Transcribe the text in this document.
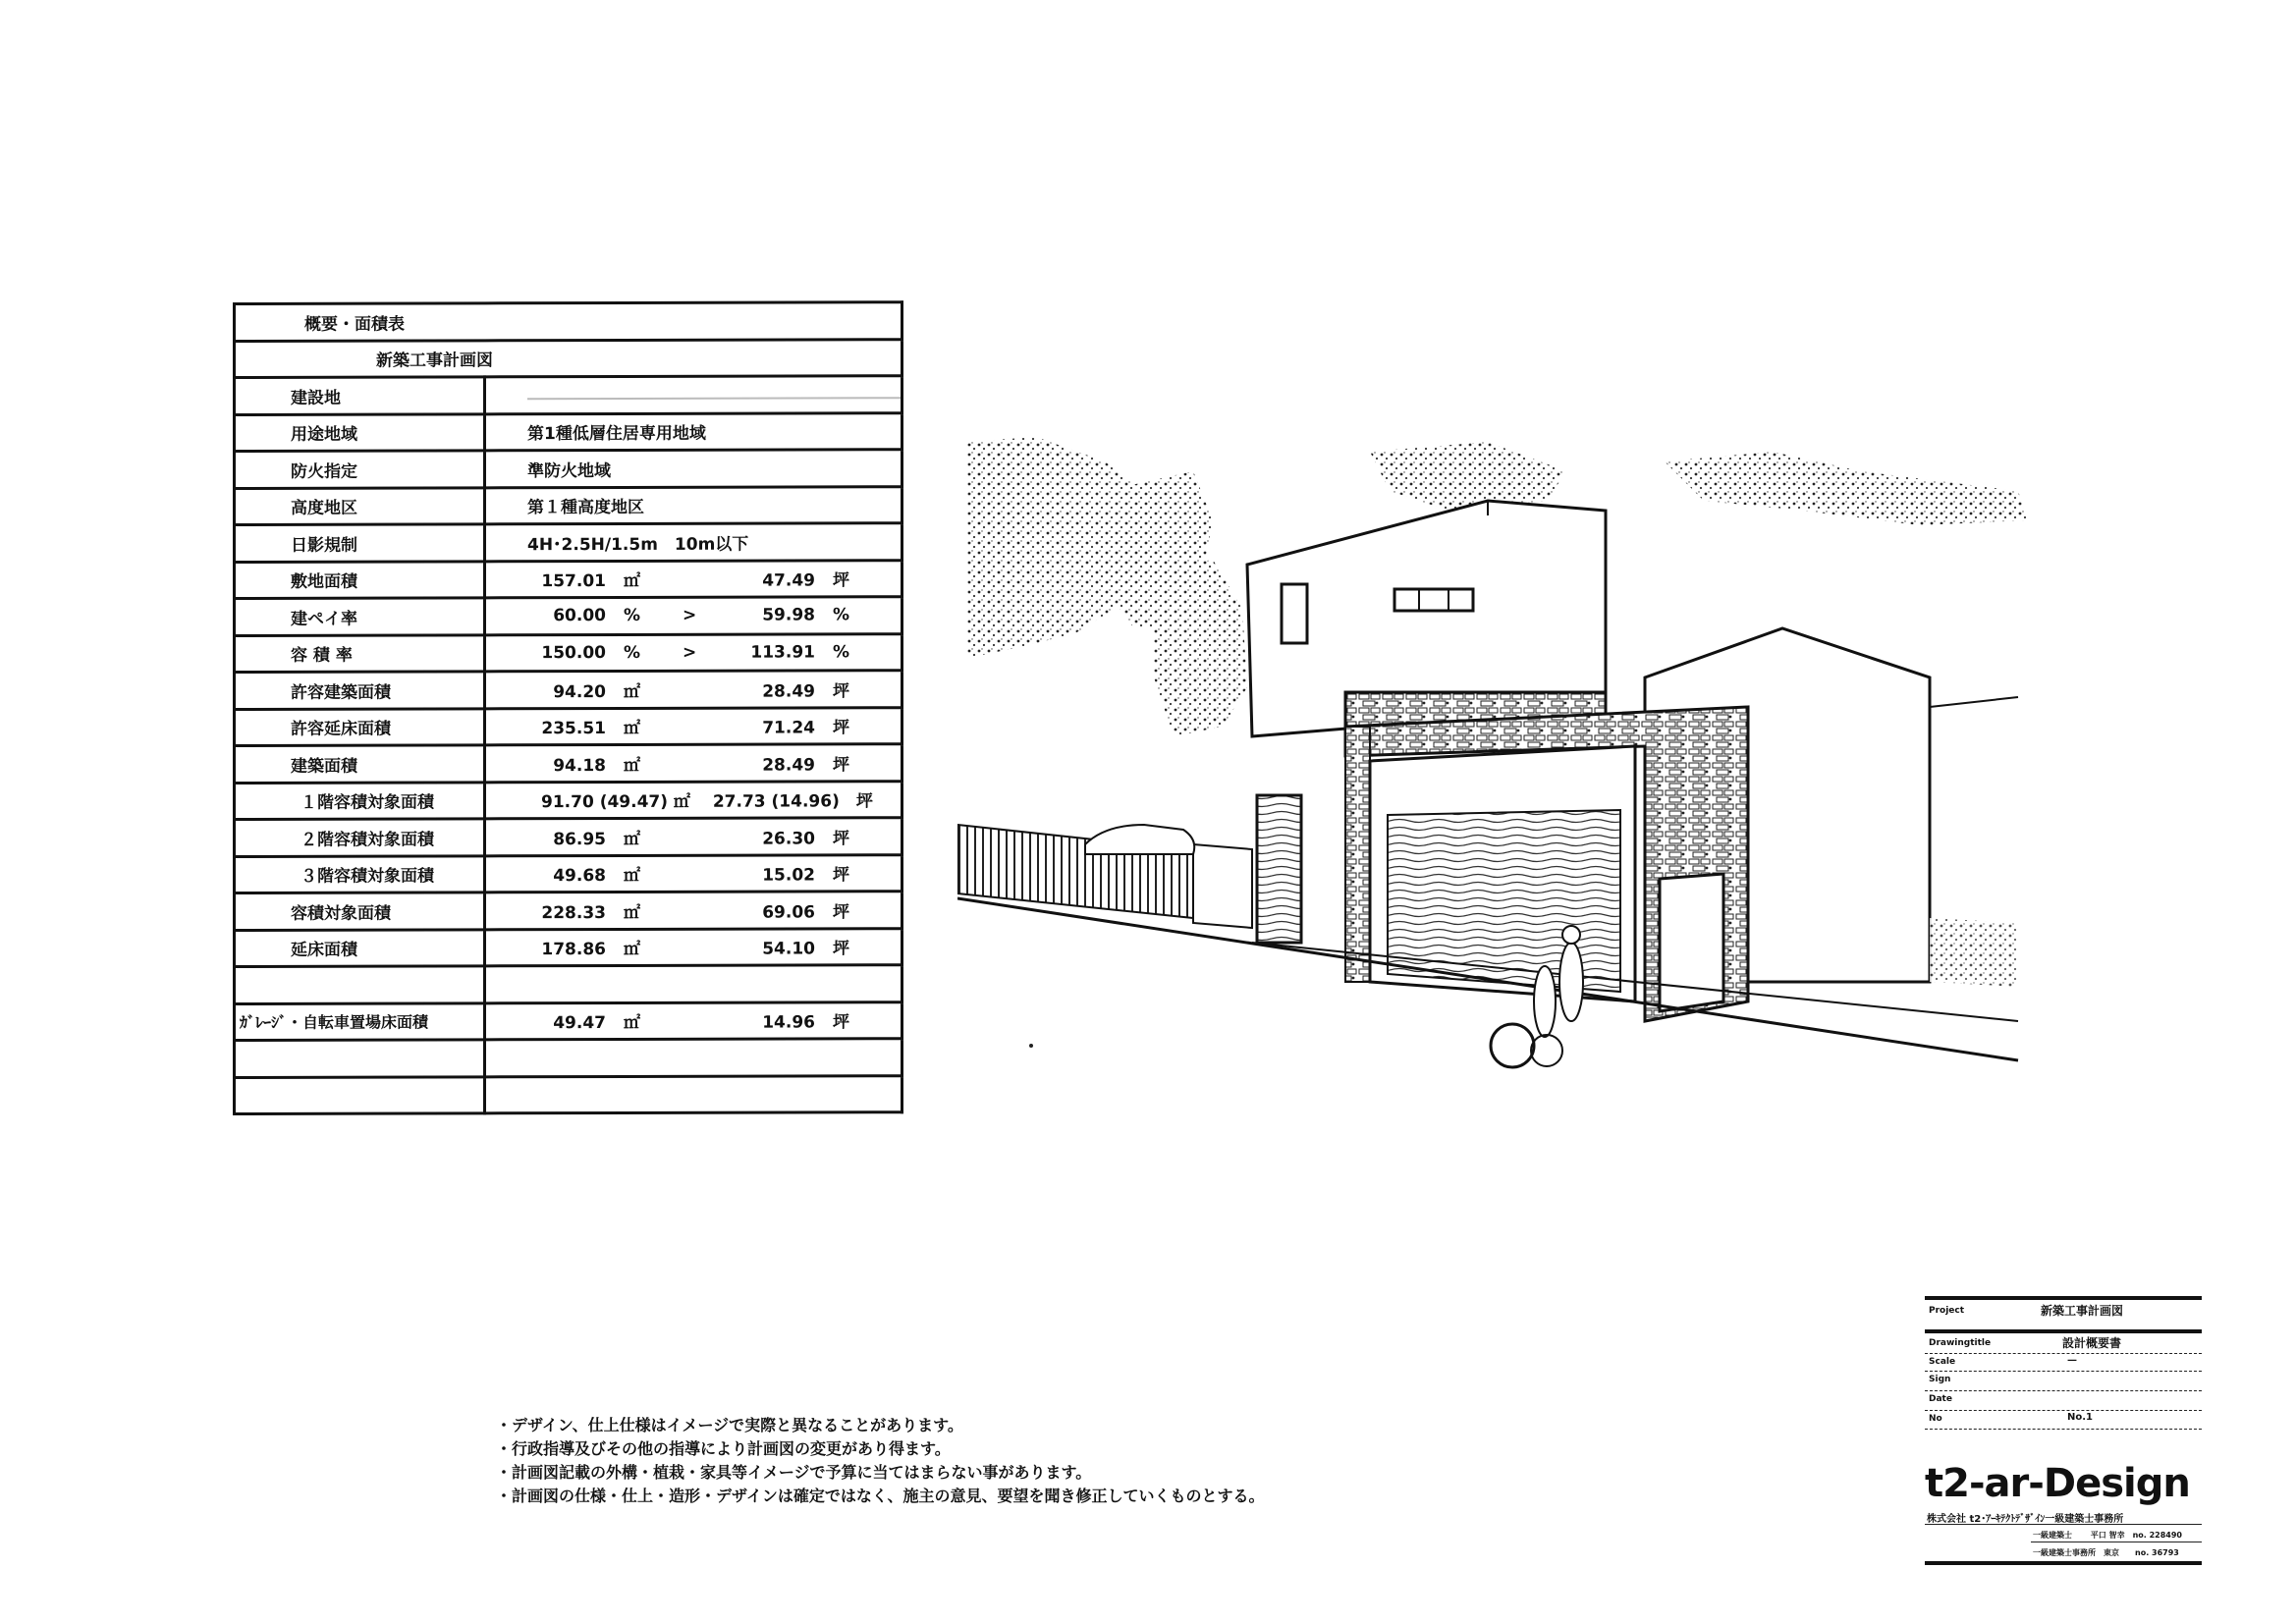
概要・面積表	
新築工事計画図	
建設地	
用途地域	第1種低層住居専用地域
防火指定	準防火地域
高度地区	第１種高度地区
日影規制	4H･2.5H/1.5m　10m以下
敷地面積	157.01 ㎡ 47.49 坪
建ペイ率	60.00 % > 59.98 %
容 積 率	150.00 % > 113.91 %
許容建築面積	94.20 ㎡ 28.49 坪
許容延床面積	235.51 ㎡ 71.24 坪
建築面積	94.18 ㎡ 28.49 坪
１階容積対象面積	91.70 (49.47) ㎡　 27.73 (14.96)　坪
２階容積対象面積	86.95 ㎡ 26.30 坪
３階容積対象面積	49.68 ㎡ 15.02 坪
容積対象面積	228.33 ㎡ 69.06 坪
延床面積	178.86 ㎡ 54.10 坪

ｶﾞﾚｰｼﾞ・自転車置場床面積	49.47 ㎡ 14.96 坪

・デザイン、仕上仕様はイメージで実際と異なることがあります。
・行政指導及びその他の指導により計画図の変更があり得ます。
・計画図記載の外構・植栽・家具等イメージで予算に当てはまらない事があります。
・計画図の仕様・仕上・造形・デザインは確定ではなく、施主の意見、要望を聞き修正していくものとする。
Project	新築工事計画図
Drawingtitle	設計概要書
Scale	—
Sign
Date
No	No.1
t2-ar-Design
株式会社 t2･ｱｰｷﾃｸﾄﾃﾞｻﾞｲﾝ一級建築士事務所
一級建築士　　 平口 智幸　no. 228490
一級建築士事務所　東京　　no. 36793
